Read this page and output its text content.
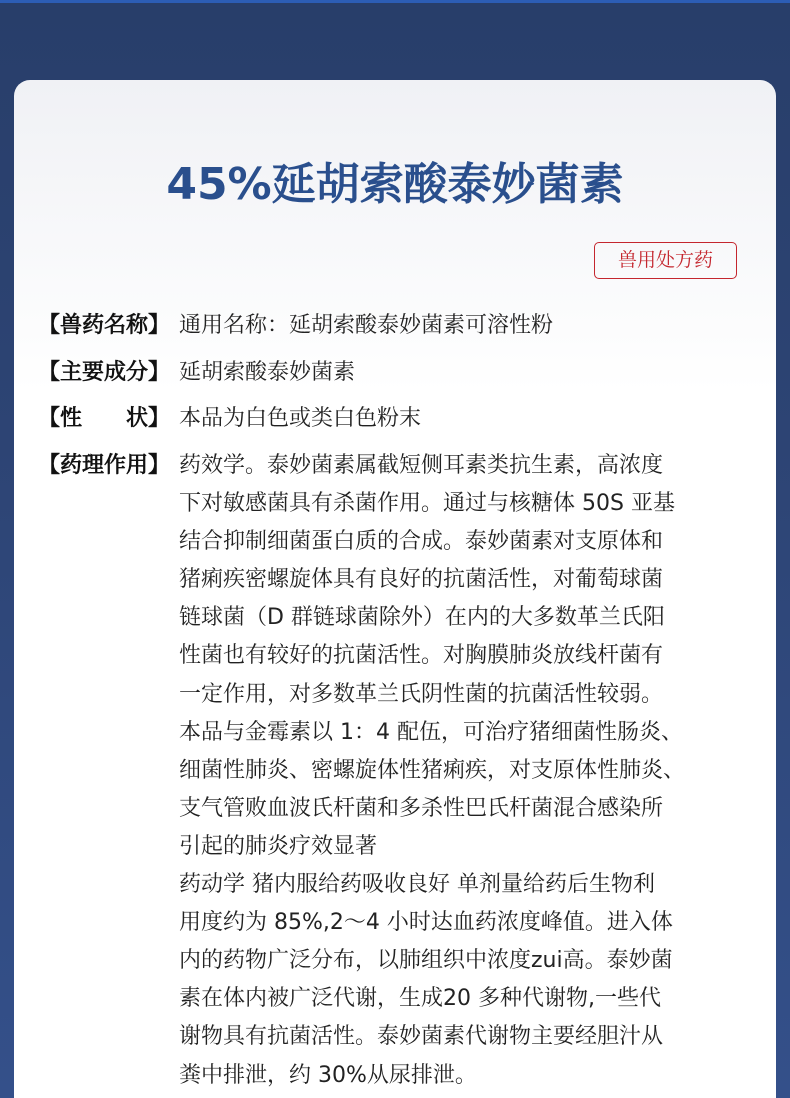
45%延胡索酸泰妙菌素
兽用处方药
【兽药名称】 通用名称：延胡索酸泰妙菌素可溶性粉
【主要成分】 延胡索酸泰妙菌素
【性　　状】 本品为白色或类白色粉末
【药理作用】 药效学。泰妙菌素属截短侧耳素类抗生素，高浓度
下对敏感菌具有杀菌作用。通过与核糖体 50S 亚基
结合抑制细菌蛋白质的合成。泰妙菌素对支原体和
猪痢疾密螺旋体具有良好的抗菌活性，对葡萄球菌
链球菌（D 群链球菌除外）在内的大多数革兰氏阳
性菌也有较好的抗菌活性。对胸膜肺炎放线杆菌有
一定作用，对多数革兰氏阴性菌的抗菌活性较弱。
本品与金霉素以 1：4 配伍，可治疗猪细菌性肠炎、
细菌性肺炎、密螺旋体性猪痢疾，对支原体性肺炎、
支气管败血波氏杆菌和多杀性巴氏杆菌混合感染所
引起的肺炎疗效显著
药动学 猪内服给药吸收良好 单剂量给药后生物利
用度约为 85%,2～4 小时达血药浓度峰值。进入体
内的药物广泛分布，以肺组织中浓度zui高。泰妙菌
素在体内被广泛代谢，生成20 多种代谢物,一些代
谢物具有抗菌活性。泰妙菌素代谢物主要经胆汁从
粪中排泄，约 30%从尿排泄。
